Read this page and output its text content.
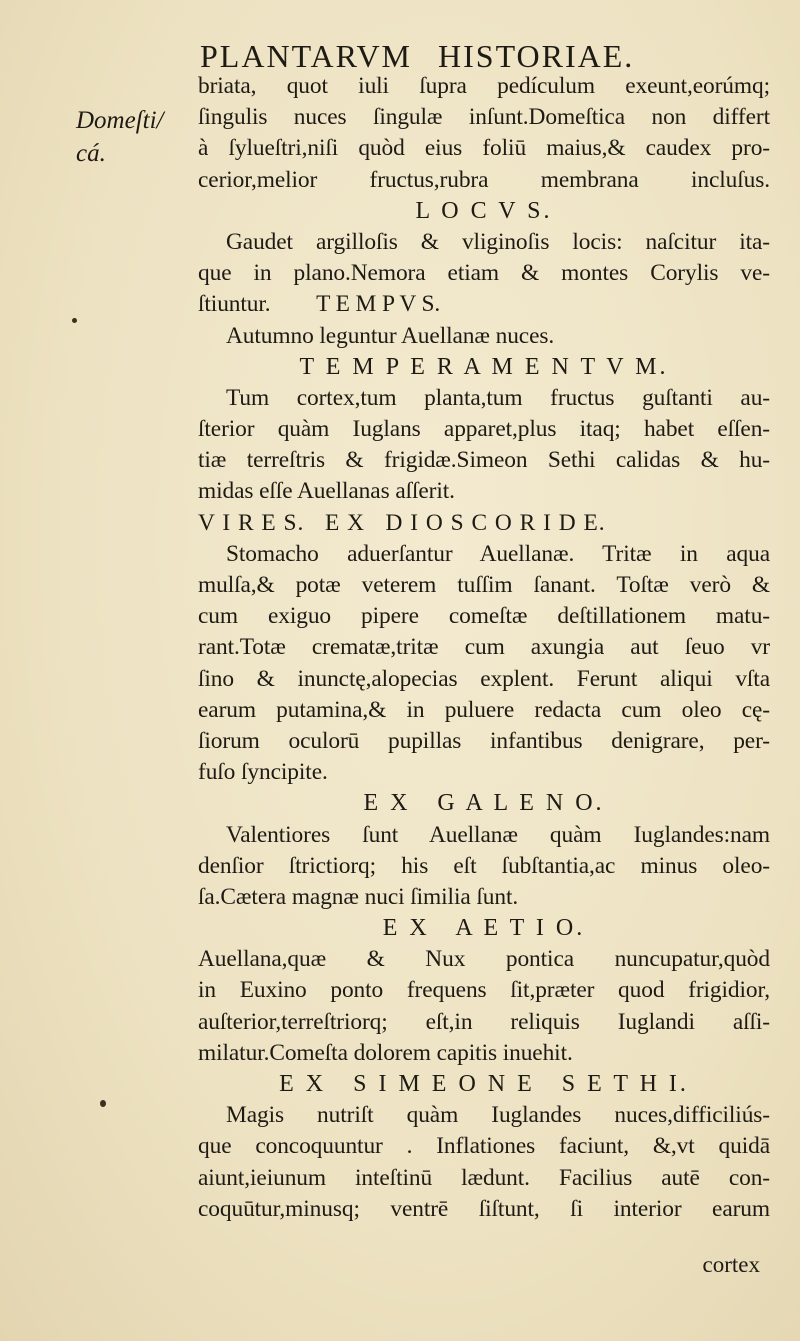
PLANTARVM HISTORIAE.
Domeſti/
cá.
briata, quot iuli ſupra pedículum exeunt,eorúmq;
ſingulis nuces ſingulæ inſunt.Domeſtica non differt
à ſylueſtri,niſi quòd eius foliū maius,& caudex pro-
cerior,melior fructus,rubra membrana incluſus.
L O C V S.
Gaudet argilloſis & vliginoſis locis: naſcitur ita-
que in plano.Nemora etiam & montes Corylis ve-
ſtiuntur.        T E M P V S.
Autumno leguntur Auellanæ nuces.
T E M P E R A M E N T V M.
Tum cortex,tum planta,tum fructus guſtanti au-
ſterior quàm Iuglans apparet,plus itaq; habet eſſen-
tiæ terreſtris & frigidæ.Simeon Sethi calidas & hu-
midas eſſe Auellanas aſſerit.
V I R E S.   E X   D I O S C O R I D E.
Stomacho aduerſantur Auellanæ. Tritæ in aqua
mulſa,& potæ veterem tuſſim ſanant. Toſtæ verò &
cum exiguo pipere comeſtæ deſtillationem matu-
rant.Totæ crematæ,tritæ cum axungia aut ſeuo vr
ſino & inunctę,alopecias explent. Ferunt aliqui vſta
earum putamina,& in puluere redacta cum oleo cę-
ſiorum oculorū pupillas infantibus denigrare, per-
fuſo ſyncipite.
E X   G A L E N O.
Valentiores ſunt Auellanæ quàm Iuglandes:nam
denſior ſtrictiorq; his eſt ſubſtantia,ac minus oleo-
ſa.Cætera magnæ nuci ſimilia ſunt.
E X   A E T I O.
Auellana,quæ & Nux pontica nuncupatur,quòd
in Euxino ponto frequens ſit,præter quod frigidior,
auſterior,terreſtriorq; eſt,in reliquis Iuglandi aſſi-
milatur.Comeſta dolorem capitis inuehit.
E X   S I M E O N E   S E T H I.
Magis nutriſt quàm Iuglandes nuces,difficiliús-
que concoquuntur . Inflationes faciunt, &,vt quidā
aiunt,ieiunum inteſtinū lædunt. Facilius autē con-
coquūtur,minusq; ventrē ſiſtunt, ſi interior earum
cortex
